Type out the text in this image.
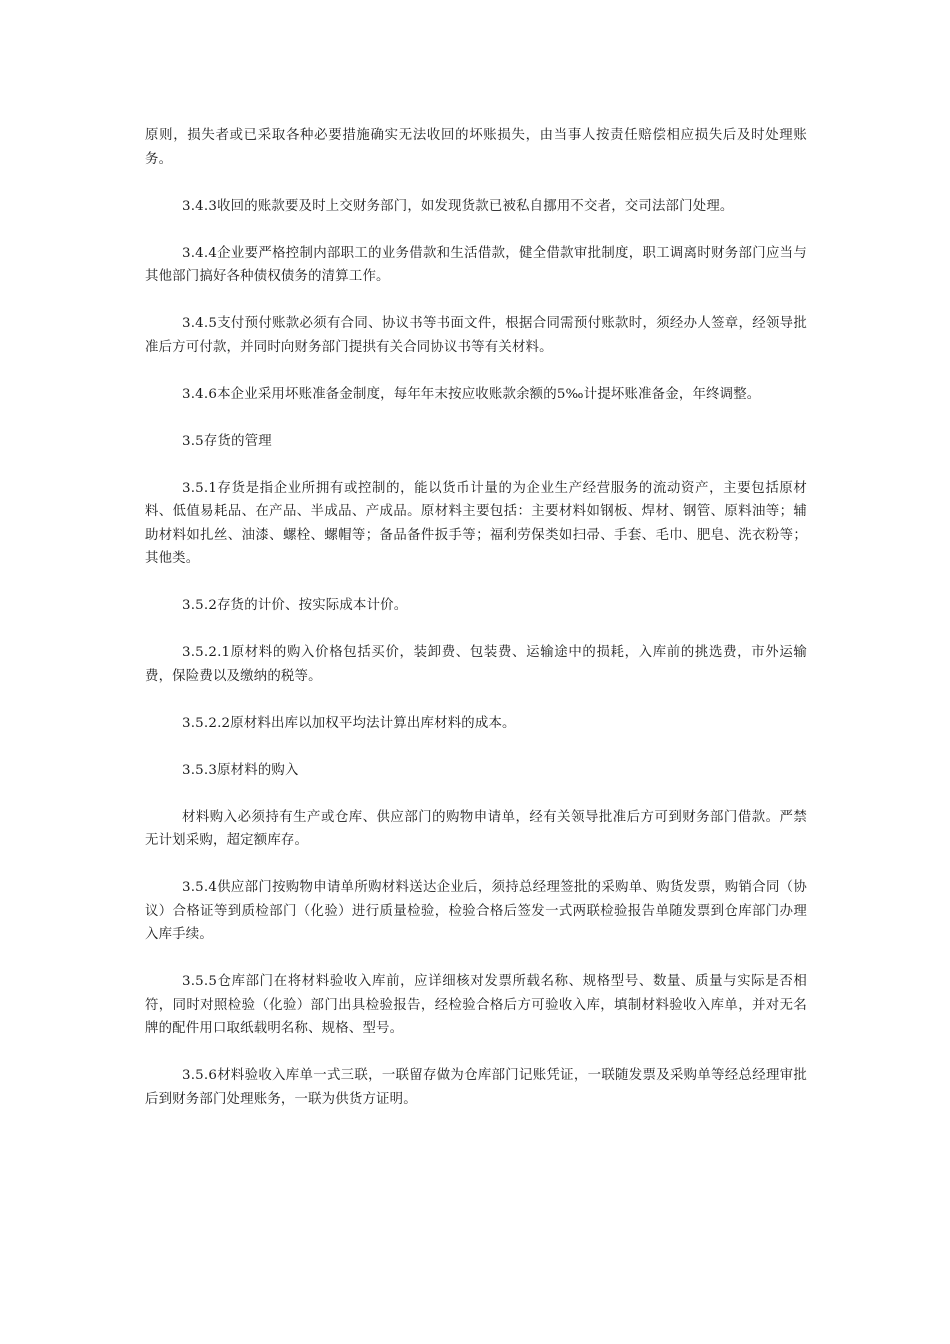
原则，损失者或已采取各种必要措施确实无法收回的坏账损失，由当事人按责任赔偿相应损失后及时处理账务。

3.4.3收回的账款要及时上交财务部门，如发现货款已被私自挪用不交者，交司法部门处理。

3.4.4企业要严格控制内部职工的业务借款和生活借款，健全借款审批制度，职工调离时财务部门应当与其他部门搞好各种债权债务的清算工作。

3.4.5支付预付账款必须有合同、协议书等书面文件，根据合同需预付账款时，须经办人签章，经领导批准后方可付款，并同时向财务部门提拱有关合同协议书等有关材料。

3.4.6本企业采用坏账准备金制度，每年年末按应收账款余额的5‰计提坏账准备金，年终调整。

3.5存货的管理

3.5.1存货是指企业所拥有或控制的，能以货币计量的为企业生产经营服务的流动资产，主要包括原材料、低值易耗品、在产品、半成品、产成品。原材料主要包括：主要材料如钢板、焊材、钢管、原料油等；辅助材料如扎丝、油漆、螺栓、螺帽等；备品备件扳手等；福利劳保类如扫帚、手套、毛巾、肥皂、洗衣粉等；其他类。

3.5.2存货的计价、按实际成本计价。

3.5.2.1原材料的购入价格包括买价，装卸费、包装费、运输途中的损耗，入库前的挑选费，市外运输费，保险费以及缴纳的税等。

3.5.2.2原材料出库以加权平均法计算出库材料的成本。

3.5.3原材料的购入

材料购入必须持有生产或仓库、供应部门的购物申请单，经有关领导批准后方可到财务部门借款。严禁无计划采购，超定额库存。

3.5.4供应部门按购物申请单所购材料送达企业后，须持总经理签批的采购单、购货发票，购销合同（协议）合格证等到质检部门（化验）进行质量检验，检验合格后签发一式两联检验报告单随发票到仓库部门办理入库手续。

3.5.5仓库部门在将材料验收入库前，应详细核对发票所载名称、规格型号、数量、质量与实际是否相符，同时对照检验（化验）部门出具检验报告，经检验合格后方可验收入库，填制材料验收入库单，并对无名牌的配件用口取纸载明名称、规格、型号。

3.5.6材料验收入库单一式三联，一联留存做为仓库部门记账凭证，一联随发票及采购单等经总经理审批后到财务部门处理账务，一联为供货方证明。
